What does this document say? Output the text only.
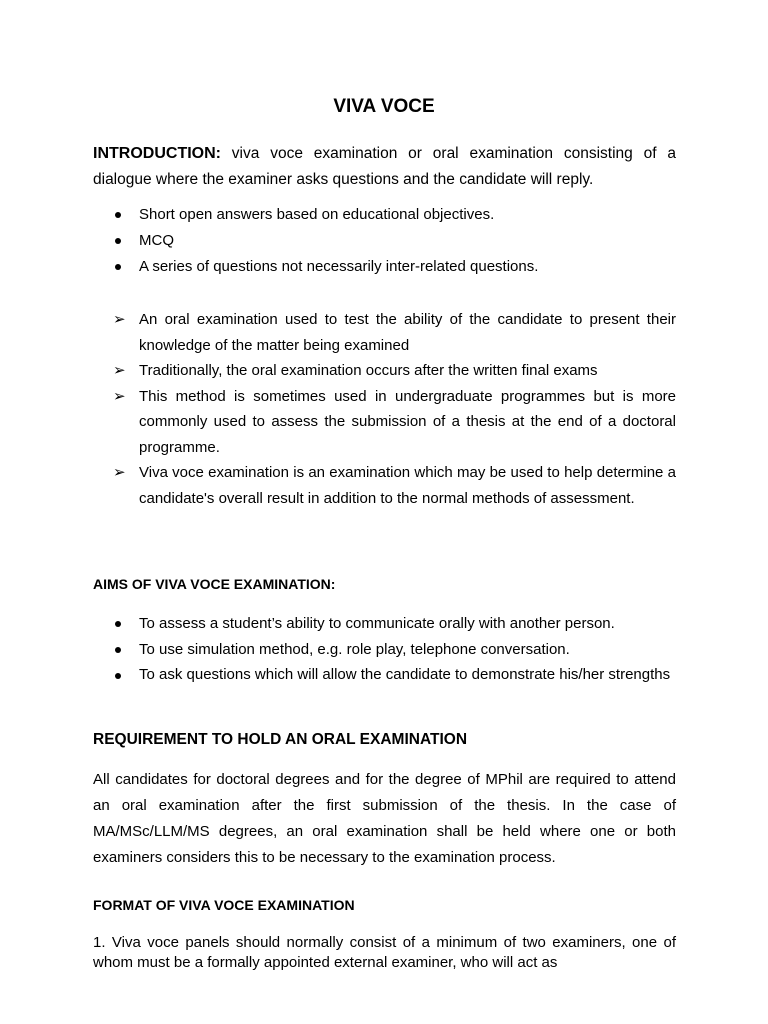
VIVA VOCE
INTRODUCTION: viva voce examination or oral examination consisting of a dialogue where the examiner asks questions and the candidate will reply.
Short open answers based on educational objectives.
MCQ
A series of questions not necessarily inter-related questions.
➢ An oral examination used to test the ability of the candidate to present their knowledge of the matter being examined
➢ Traditionally, the oral examination occurs after the written final exams
➢ This method is sometimes used in undergraduate programmes but is more commonly used to assess the submission of a thesis at the end of a doctoral programme.
➢ Viva voce examination is an examination which may be used to help determine a candidate's overall result in addition to the normal methods of assessment.
AIMS OF VIVA VOCE EXAMINATION:
To assess a student’s ability to communicate orally with another person.
To use simulation method, e.g. role play, telephone conversation.
To ask questions which will allow the candidate to demonstrate his/her strengths
REQUIREMENT TO HOLD AN ORAL EXAMINATION
All candidates for doctoral degrees and for the degree of MPhil are required to attend an oral examination after the first submission of the thesis. In the case of MA/MSc/LLM/MS degrees, an oral examination shall be held where one or both examiners considers this to be necessary to the examination process.
FORMAT OF VIVA VOCE EXAMINATION
1. Viva voce panels should normally consist of a minimum of two examiners, one of whom must be a formally appointed external examiner, who will act as
